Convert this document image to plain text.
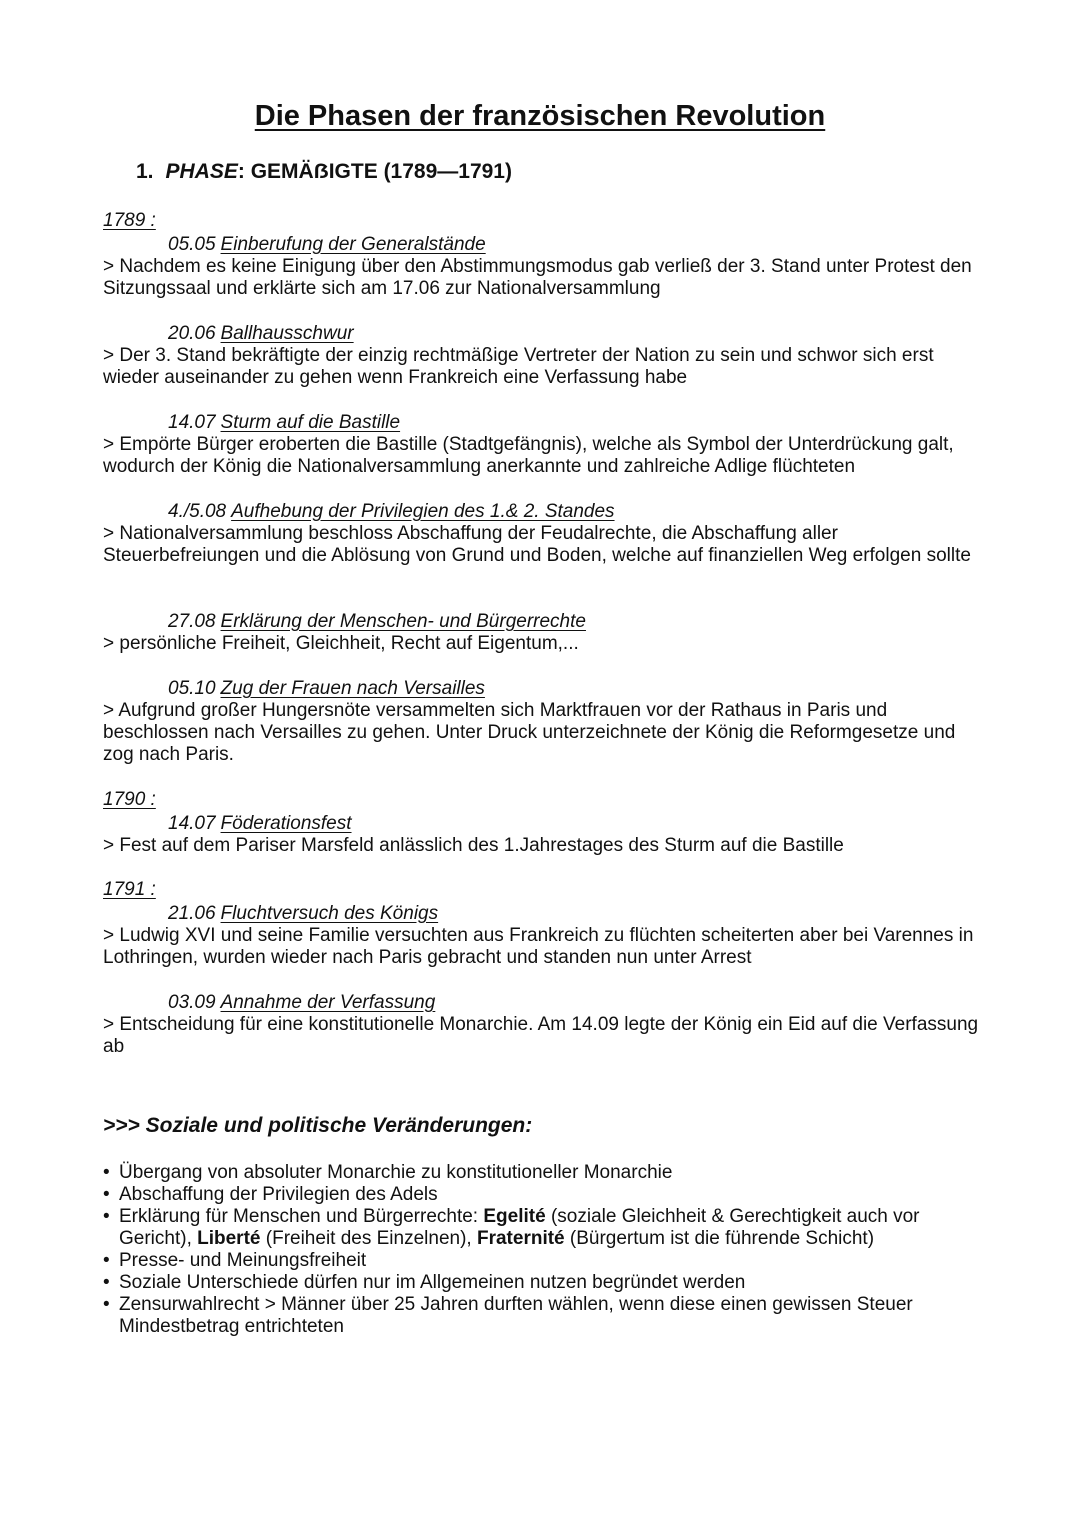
Die Phasen der französischen Revolution
1. PHASE: GEMÄẞIGTE (1789—1791)
1789 :
05.05 Einberufung der Generalstände
> Nachdem es keine Einigung über den Abstimmungsmodus gab verließ der 3. Stand unter Protest den Sitzungssaal und erklärte sich am 17.06 zur Nationalversammlung
20.06 Ballhausschwur
> Der 3. Stand bekräftigte der einzig rechtmäßige Vertreter der Nation zu sein und schwor sich erst wieder auseinander zu gehen wenn Frankreich eine Verfassung habe
14.07 Sturm auf die Bastille
> Empörte Bürger eroberten die Bastille (Stadtgefängnis), welche als Symbol der Unterdrückung galt, wodurch der König die Nationalversammlung anerkannte und zahlreiche Adlige flüchteten
4./5.08 Aufhebung der Privilegien des 1.& 2. Standes
> Nationalversammlung beschloss Abschaffung der Feudalrechte, die Abschaffung aller Steuerbefreiungen und die Ablösung von Grund und Boden, welche auf finanziellen Weg erfolgen sollte
27.08 Erklärung der Menschen- und Bürgerrechte
> persönliche Freiheit, Gleichheit, Recht auf Eigentum,...
05.10 Zug der Frauen nach Versailles
> Aufgrund großer Hungersnöte versammelten sich Marktfrauen vor der Rathaus in Paris und beschlossen nach Versailles zu gehen. Unter Druck unterzeichnete der König die Reformgesetze und zog nach Paris.
1790 :
14.07 Föderationsfest
> Fest auf dem Pariser Marsfeld anlässlich des 1.Jahrestages des Sturm auf die Bastille
1791 :
21.06 Fluchtversuch des Königs
> Ludwig XVI und seine Familie versuchten aus Frankreich zu flüchten scheiterten aber bei Varennes in Lothringen, wurden wieder nach Paris gebracht und standen nun unter Arrest
03.09 Annahme der Verfassung
> Entscheidung für eine konstitutionelle Monarchie. Am 14.09 legte der König ein Eid auf die Verfassung ab
>>> Soziale und politische Veränderungen:
• Übergang von absoluter Monarchie zu konstitutioneller Monarchie
• Abschaffung der Privilegien des Adels
• Erklärung für Menschen und Bürgerrechte: Egelité (soziale Gleichheit & Gerechtigkeit auch vor Gericht), Liberté (Freiheit des Einzelnen), Fraternité (Bürgertum ist die führende Schicht)
• Presse- und Meinungsfreiheit
• Soziale Unterschiede dürfen nur im Allgemeinen nutzen begründet werden
• Zensurwahlrecht > Männer über 25 Jahren durften wählen, wenn diese einen gewissen Steuer Mindestbetrag entrichteten
